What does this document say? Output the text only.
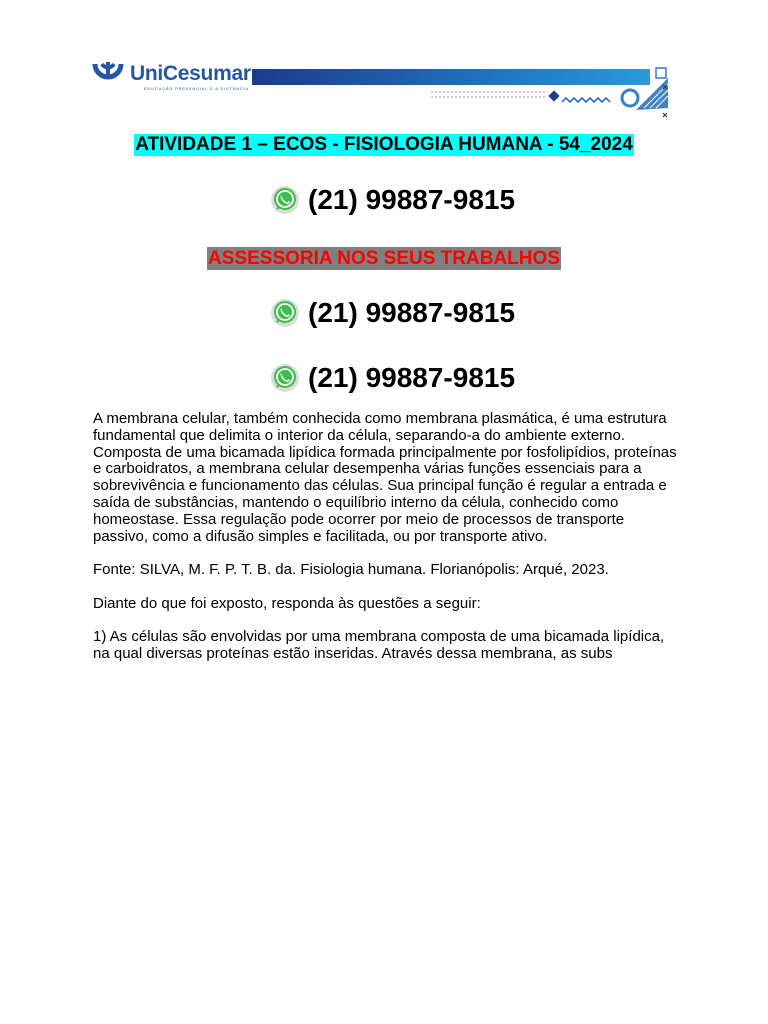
UniCesumar
EDUCAÇÃO PRESENCIAL E A DISTÂNCIA
ATIVIDADE 1 – ECOS - FISIOLOGIA HUMANA - 54_2024
(21) 99887-9815
ASSESSORIA NOS SEUS TRABALHOS
(21) 99887-9815
(21) 99887-9815

A membrana celular, também conhecida como membrana plasmática, é uma estrutura fundamental que delimita o interior da célula, separando-a do ambiente externo. Composta de uma bicamada lipídica formada principalmente por fosfolipídios, proteínas e carboidratos, a membrana celular desempenha várias funções essenciais para a sobrevivência e funcionamento das células. Sua principal função é regular a entrada e saída de substâncias, mantendo o equilíbrio interno da célula, conhecido como homeostase. Essa regulação pode ocorrer por meio de processos de transporte passivo, como a difusão simples e facilitada, ou por transporte ativo.

Fonte: SILVA, M. F. P. T. B. da. Fisiologia humana. Florianópolis: Arqué, 2023.

Diante do que foi exposto, responda às questões a seguir:

1) As células são envolvidas por uma membrana composta de uma bicamada lipídica, na qual diversas proteínas estão inseridas. Através dessa membrana, as subs
